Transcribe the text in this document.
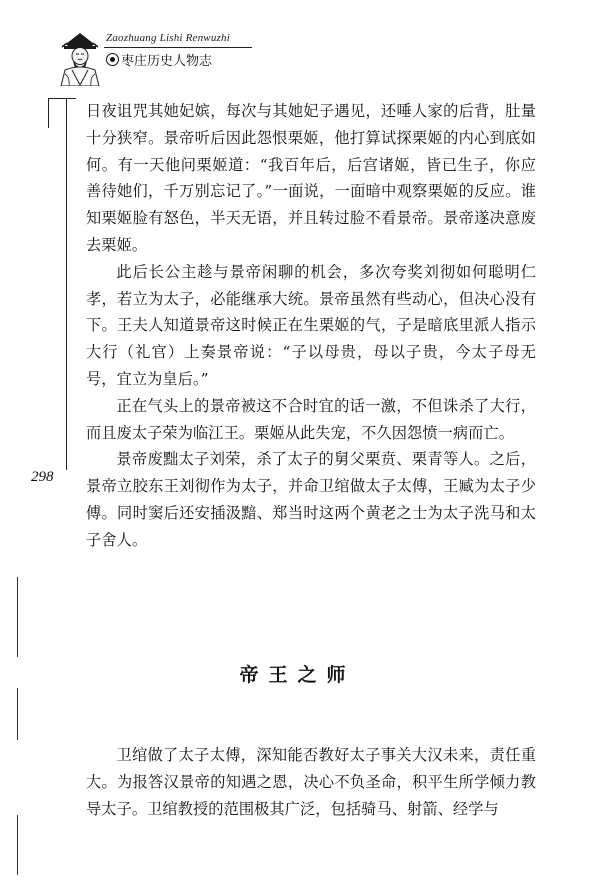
Zaozhuang Lishi Renwuzhi
枣庄历史人物志
298

日夜诅咒其她妃嫔，每次与其她妃子遇见，还唾人家的后背，肚量十分狭窄。景帝听后因此怨恨栗姬，他打算试探栗姬的内心到底如何。有一天他问栗姬道：“我百年后，后宫诸姬，皆已生子，你应善待她们，千万别忘记了。”一面说，一面暗中观察栗姬的反应。谁知栗姬脸有怒色，半天无语，并且转过脸不看景帝。景帝遂决意废去栗姬。

此后长公主趁与景帝闲聊的机会，多次夸奖刘彻如何聪明仁孝，若立为太子，必能继承大统。景帝虽然有些动心，但决心没有下。王夫人知道景帝这时候正在生栗姬的气，子是暗底里派人指示大行（礼官）上奏景帝说：“子以母贵，母以子贵，今太子母无号，宜立为皇后。”

正在气头上的景帝被这不合时宜的话一激，不但诛杀了大行，而且废太子荣为临江王。栗姬从此失宠，不久因怨愤一病而亡。

景帝废黜太子刘荣，杀了太子的舅父栗贲、栗青等人。之后，景帝立胶东王刘彻作为太子，并命卫绾做太子太傅，王臧为太子少傅。同时窦后还安插汲黯、郑当时这两个黄老之士为太子洗马和太子舍人。

帝王之师

卫绾做了太子太傅，深知能否教好太子事关大汉未来，责任重大。为报答汉景帝的知遇之恩，决心不负圣命，积平生所学倾力教导太子。卫绾教授的范围极其广泛，包括骑马、射箭、经学与
